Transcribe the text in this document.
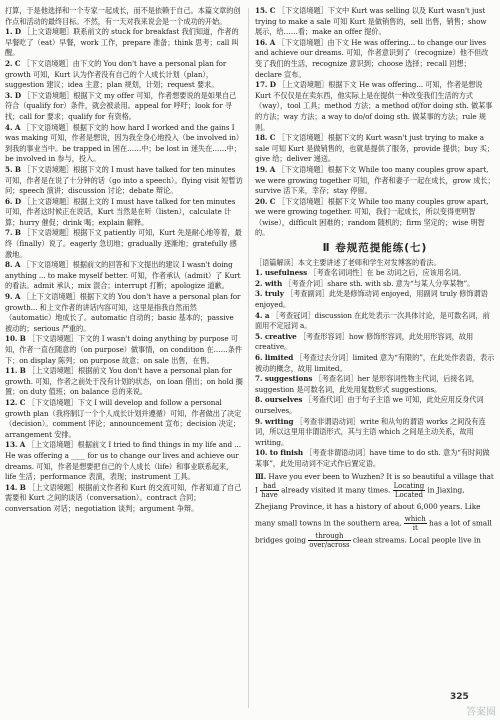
打算，于是他选择和一个专家一起成长，而不是依赖于自己。本篇文章的创作点和活动的最终目标。不然，有一天对我来说会是一个成功的开始。

1. D ［上文语境题］联系前文的 stuck for breakfast 我们知道，作者的早餐吃了（eat）早餐，work 工作，prepare 准备；think 思考；call 叫醒。

2. C ［下文语境题］由下文的 You don't have a personal plan for growth 可知，Kurt 认为作者没有自己的个人成长计划（plan），suggestion 建议；idea 主意；plan 规划，计划；request 要求。

3. D ［下文语境题］根据下文 my offer 可知，作者想要说的是如果自己符合（qualify for）条件，就会被录用。appeal for 呼吁；look for 寻找；call for 要求；qualify for 有资格。

4. A ［下文语境题］根据下文的 how hard I worked and the gains I was making 可知，作者是想说，因为我全身心地投入（be involved in）到我的事业当中。be trapped in 困在……中；be lost in 迷失在……中；be involved in 参与，投入。

5. B ［下文语境题］根据下文的 I must have talked for ten minutes 可知，作者是在说了十分钟的话（go into a speech）。flying visit 短暂访问；speech 演讲；discussion 讨论；debate 辩论。

6. D ［上文语境题］根据上文的 I must have talked for ten minutes 可知，作者这时候正在说话，Kurt 当然是在听（listen），calculate 计算；hurry 催促；drink 喝；explain 解释。

7. B ［下文语境题］根据下文 patiently 可知，Kurt 先是耐心地等着，最终（finally）说了。eagerly 急切地；gradually 逐渐地；gratefully 感激地。

8. A ［下文语境题］根据前文的回答和下文提出的建议 I wasn't doing anything ... to make myself better. 可知，作者承认（admit）了 Kurt 的看法。admit 承认；mix 混合；interrupt 打断；apologize 道歉。

9. A ［上下文语境题］根据下文的 You don't have a personal plan for growth... 和上文作者的讲话内容可知，这里是指我自然而然（automatic）地成长了。automatic 自动的；basic 基本的；passive 被动的；serious 严重的。

10. B ［下文语境题］下文的 I wasn't doing anything by purpose 可知，作者一直在随意的（on purpose）做事情，on condition 在……条件下；on display 陈列；on purpose 故意；on sale 出售，在售。

11. B ［上文语境题］根据前文 You don't have a personal plan for growth. 可知，作者之前处于没有计划的状态，on loan 借出；on hold 搁置；on duty 值班；on balance 总的来说。

12. C ［下文语境题］下文 I will develop and follow a personal growth plan（我将制订一个个人成长计划并遵循）可知，作者做出了决定（decision）。comment 评论；announcement 宣布；decision 决定；arrangement 安排。

13. A ［上文语境题］根据前文 I tried to find things in my life and ... He was offering a ____ for us to change our lives and achieve our dreams. 可知，作者是想要把自己的个人成长（life）和事业联系起来，life 生活；performance 表演，表现；instrument 工具。

14. B ［上文语境题］根据前文作者和 Kurt 的交流可知，作者知道了自己需要和 Kurt 之间的谈话（conversation）。contract 合同；conversation 对话；negotiation 谈判；argument 争辩。

15. C ［下文语境题］下文中 Kurt was selling 以及 Kurt wasn't just trying to make a sale 可知 Kurt 是做销售的，sell 出售，销售；show 展示，给……看；make an offer 提价。

16. A ［下文语境题］由下文 He was offering... to change our lives and achieve our dreams. 可知，作者意识到了（recognize）他不但改变了我们的生活，recognize 意识到；choose 选择；recall 回想；declare 宣布。

17. D ［上文语境题］根据下文 He was offering... 可知，作者是想说 Kurt 不仅仅是在卖东西，他实际上是在提供一种改变我们生活的方式（way），tool 工具；method 方法；a method of/for doing sth. 做某事的方法；way 方法；a way to do/of doing sth. 做某事的方法；rule 规则。

18. C ［下文语境题］根据下文的 Kurt wasn't just trying to make a sale 可知 Kurt 是做销售的，也就是提供了服务，provide 提供；buy 买；give 给；deliver 递送。

19. A ［下文语境题］根据下文 While too many couples grow apart, we were growing together 可知，作者和妻子一起在成长，grow 成长；survive 活下来，幸存；stay 停留。

20. C ［下文语境题］根据下文 While too many couples grow apart, we were growing together. 可知，我们一起成长，所以变得更明智（wise），difficult 困难的；random 随机的；firm 坚定的；wise 明智的。

Ⅱ 卷规范提能练(七)

［语篇解读］本文主要讲述了老师和学生对发博客的看法。

1. usefulness ［考查名词词性］在 be 动词之后，应该用名词。

2. with ［考查介词］share sth. with sb. 意为“与某人分享某物”。

3. truly ［考查副词］此处是修饰动词 enjoyed，用副词 truly 修饰谓语 enjoyed。

4. a ［考查冠词］discussion 在此处表示一次具体讨论，是可数名词，前面用不定冠词 a。

5. creative ［考查形容词］how 修饰形容词，此处用形容词，故用 creative。

6. limited ［考查过去分词］limited 意为“有限的”，在此处作表语，表示被动的概念，故用 limited。

7. suggestions ［考查名词］her 是形容词性物主代词，后接名词，suggestion 是可数名词，此处用复数形式 suggestions。

8. ourselves ［考查代词］由于句子主语 we 可知，此处应用反身代词 ourselves。

9. writing ［考查非谓语动词］write 和从句的谓语 works 之间没有连词，所以这里用非谓语形式，其与主语 which 之间是主动关系，故用 writing。

10. to finish ［考查非谓语动词］have time to do sth. 意为“有时间做某事”，此处用动词不定式作后置定语。

Ⅲ. Have you ever been to Wuzhen? It is so beautiful a village that

I had
have
already visited it many times. Locating
Located
in Jiaxing,
Zhejiang Province, it has a history of about 6,000 years. Like
many small towns in the southern area, which
it
has a lot of small
bridges going	through
over/across
clean streams. Local people live in
325
答案圈
